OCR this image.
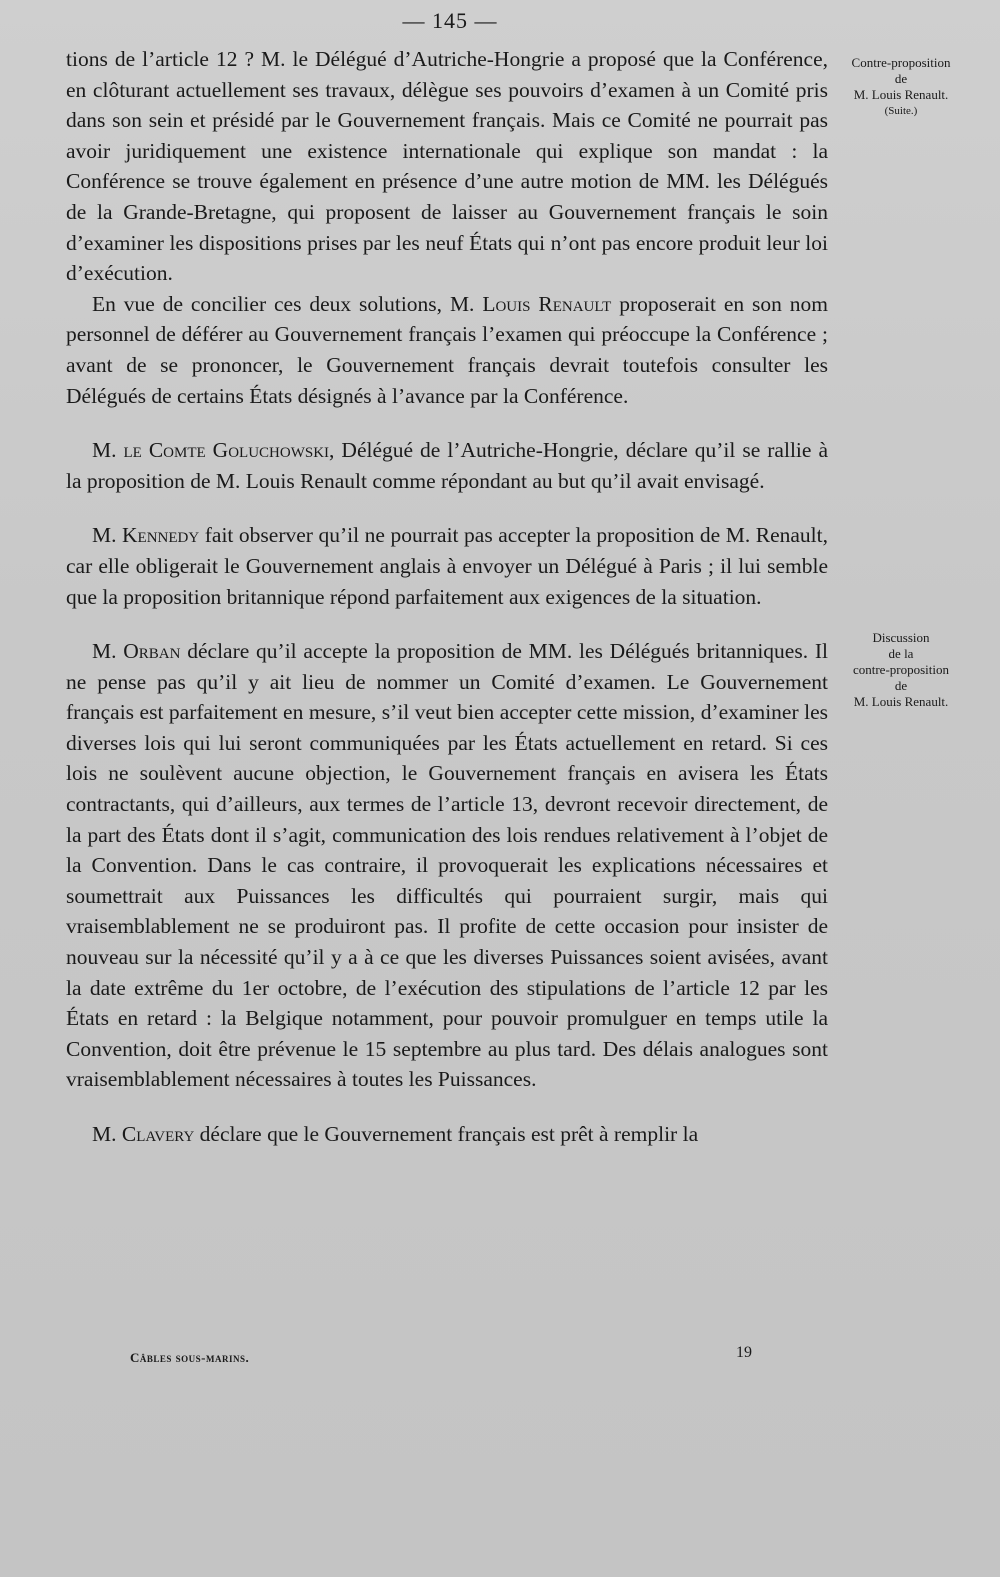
— 145 —

tions de l’article 12 ? M. le Délégué d’Autriche-Hongrie a proposé que la Conférence, en clôturant actuellement ses travaux, délègue ses pouvoirs d’examen à un Comité pris dans son sein et présidé par le Gouvernement français. Mais ce Comité ne pourrait pas avoir juridiquement une existence internationale qui explique son mandat : la Conférence se trouve également en présence d’une autre motion de MM. les Délégués de la Grande-Bretagne, qui proposent de laisser au Gouvernement français le soin d’examiner les dispositions prises par les neuf États qui n’ont pas encore produit leur loi d’exécution.

En vue de concilier ces deux solutions, M. Louis Renault proposerait en son nom personnel de déférer au Gouvernement français l’examen qui préoccupe la Conférence ; avant de se prononcer, le Gouvernement français devrait toutefois consulter les Délégués de certains États désignés à l’avance par la Conférence.

M. le Comte Goluchowski, Délégué de l’Autriche-Hongrie, déclare qu’il se rallie à la proposition de M. Louis Renault comme répondant au but qu’il avait envisagé.

M. Kennedy fait observer qu’il ne pourrait pas accepter la proposition de M. Renault, car elle obligerait le Gouvernement anglais à envoyer un Délégué à Paris ; il lui semble que la proposition britannique répond parfaitement aux exigences de la situation.

M. Orban déclare qu’il accepte la proposition de MM. les Délégués britanniques. Il ne pense pas qu’il y ait lieu de nommer un Comité d’examen. Le Gouvernement français est parfaitement en mesure, s’il veut bien accepter cette mission, d’examiner les diverses lois qui lui seront communiquées par les États actuellement en retard. Si ces lois ne soulèvent aucune objection, le Gouvernement français en avisera les États contractants, qui d’ailleurs, aux termes de l’article 13, devront recevoir directement, de la part des États dont il s’agit, communication des lois rendues relativement à l’objet de la Convention. Dans le cas contraire, il provoquerait les explications nécessaires et soumettrait aux Puissances les difficultés qui pourraient surgir, mais qui vraisemblablement ne se produiront pas. Il profite de cette occasion pour insister de nouveau sur la nécessité qu’il y a à ce que les diverses Puissances soient avisées, avant la date extrême du 1er octobre, de l’exécution des stipulations de l’article 12 par les États en retard : la Belgique notamment, pour pouvoir promulguer en temps utile la Convention, doit être prévenue le 15 septembre au plus tard. Des délais analogues sont vraisemblablement nécessaires à toutes les Puissances.

M. Clavery déclare que le Gouvernement français est prêt à remplir la

Contre-proposition
de
M. Louis Renault.
(Suite.)
Discussion
de la
contre-proposition
de
M. Louis Renault.
Câbles sous-marins.	19
